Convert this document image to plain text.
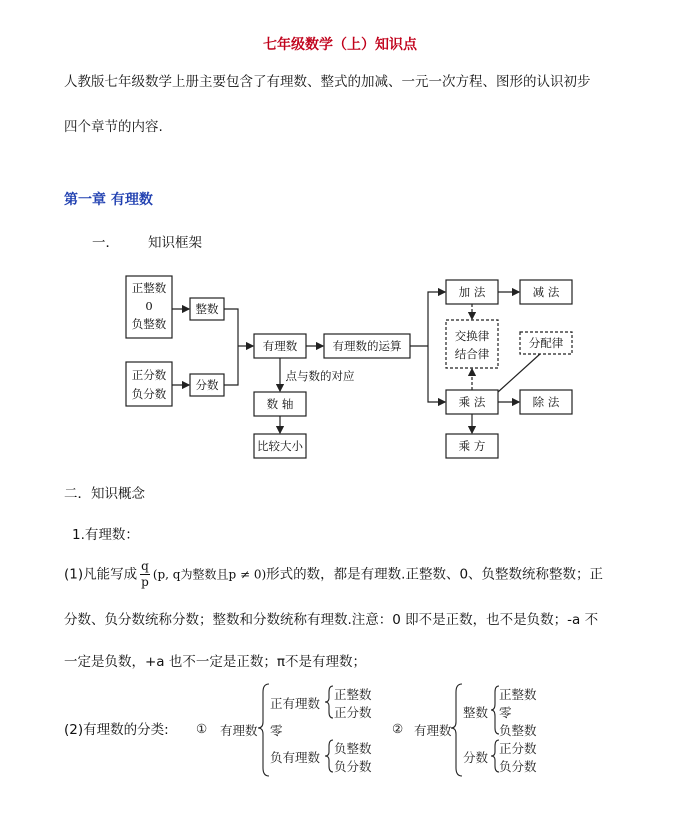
七年级数学（上）知识点
人教版七年级数学上册主要包含了有理数、整式的加减、一元一次方程、图形的认识初步
四个章节的内容.
第一章 有理数
一． 知识框架
正整数
0
负整数
整数
正分数
负分数
分数
有理数	有理数的运算
点与数的对应
数 轴
比较大小
加 法	减 法
交换律
结合律
分配律
乘 法	除 法
乘 方
二．知识概念
1.有理数：
(1)凡能写成 $\frac{q}{p} (p$, q为整数且p ≠ 0)形式的数，都是有理数.正整数、0、负整数统称整数；正
分数、负分数统称分数；整数和分数统称有理数.注意：0 即不是正数，也不是负数；-a 不
一定是负数，+a 也不一定是正数；π不是有理数；
(2)有理数的分类: ① 有理数
正有理数
零
负有理数
正整数
正分数
负整数
负分数
② 有理数
整数
分数
正整数
零
负整数
正分数
负分数
